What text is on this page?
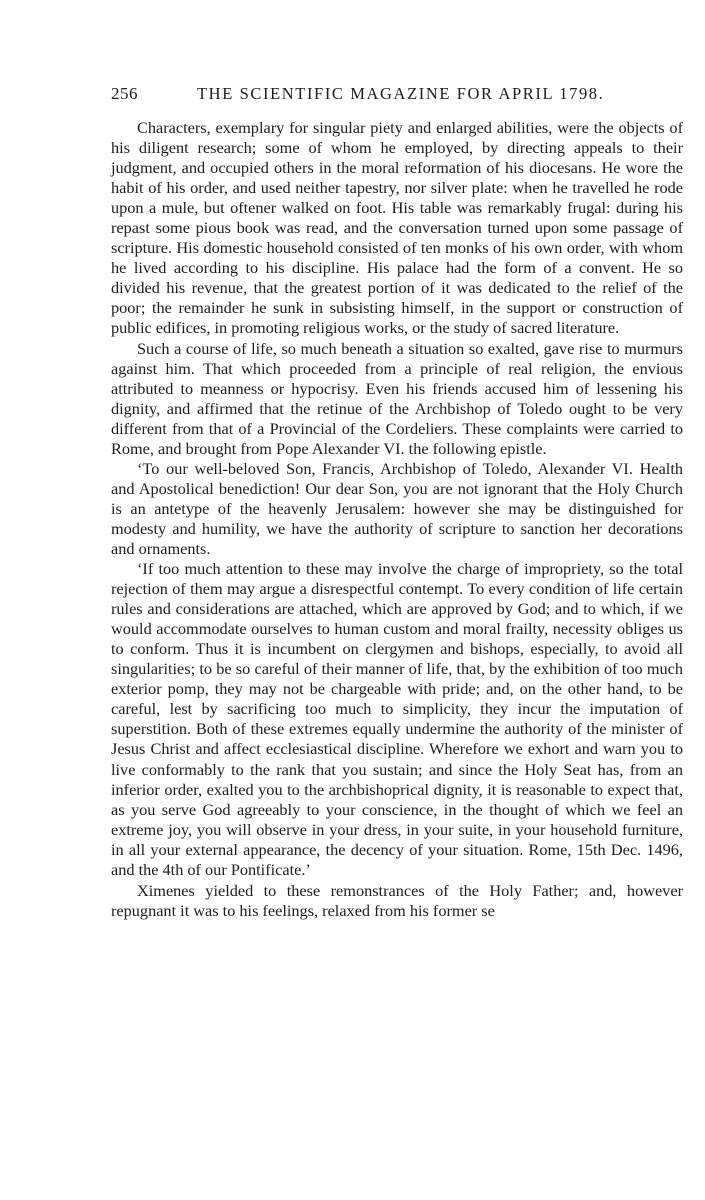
256	THE SCIENTIFIC MAGAZINE FOR APRIL 1798.

Characters, exemplary for singular piety and enlarged abilities, were the objects of his diligent research; some of whom he employed, by directing appeals to their judgment, and occupied others in the moral reformation of his diocesans. He wore the habit of his order, and used neither tapestry, nor silver plate: when he travelled he rode upon a mule, but oftener walked on foot. His table was remarkably frugal: during his repast some pious book was read, and the conversation turned upon some passage of scripture. His domestic household consisted of ten monks of his own order, with whom he lived according to his discipline. His palace had the form of a convent. He so divided his revenue, that the greatest portion of it was dedicated to the relief of the poor; the remainder he sunk in subsisting himself, in the support or construction of public edifices, in promoting religious works, or the study of sacred literature.

Such a course of life, so much beneath a situation so exalted, gave rise to murmurs against him. That which proceeded from a principle of real religion, the envious attributed to meanness or hypocrisy. Even his friends accused him of lessening his dignity, and affirmed that the retinue of the Archbishop of Toledo ought to be very different from that of a Provincial of the Cordeliers. These complaints were carried to Rome, and brought from Pope Alexander VI. the following epistle.

‘To our well-beloved Son, Francis, Archbishop of Toledo, Alexander VI. Health and Apostolical benediction! Our dear Son, you are not ignorant that the Holy Church is an antetype of the heavenly Jerusalem: however she may be distinguished for modesty and humility, we have the authority of scripture to sanction her decorations and ornaments.

‘If too much attention to these may involve the charge of impropriety, so the total rejection of them may argue a disrespectful contempt. To every condition of life certain rules and considerations are attached, which are approved by God; and to which, if we would accommodate ourselves to human custom and moral frailty, necessity obliges us to conform. Thus it is incumbent on clergymen and bishops, especially, to avoid all singularities; to be so careful of their manner of life, that, by the exhibition of too much exterior pomp, they may not be chargeable with pride; and, on the other hand, to be careful, lest by sacrificing too much to simplicity, they incur the imputation of superstition. Both of these extremes equally undermine the authority of the minister of Jesus Christ and affect ecclesiastical discipline. Wherefore we exhort and warn you to live conformably to the rank that you sustain; and since the Holy Seat has, from an inferior order, exalted you to the archbishoprical dignity, it is reasonable to expect that, as you serve God agreeably to your conscience, in the thought of which we feel an extreme joy, you will observe in your dress, in your suite, in your household furniture, in all your external appearance, the decency of your situation. Rome, 15th Dec. 1496, and the 4th of our Pontificate.’

Ximenes yielded to these remonstrances of the Holy Father; and, however repugnant it was to his feelings, relaxed from his former se
